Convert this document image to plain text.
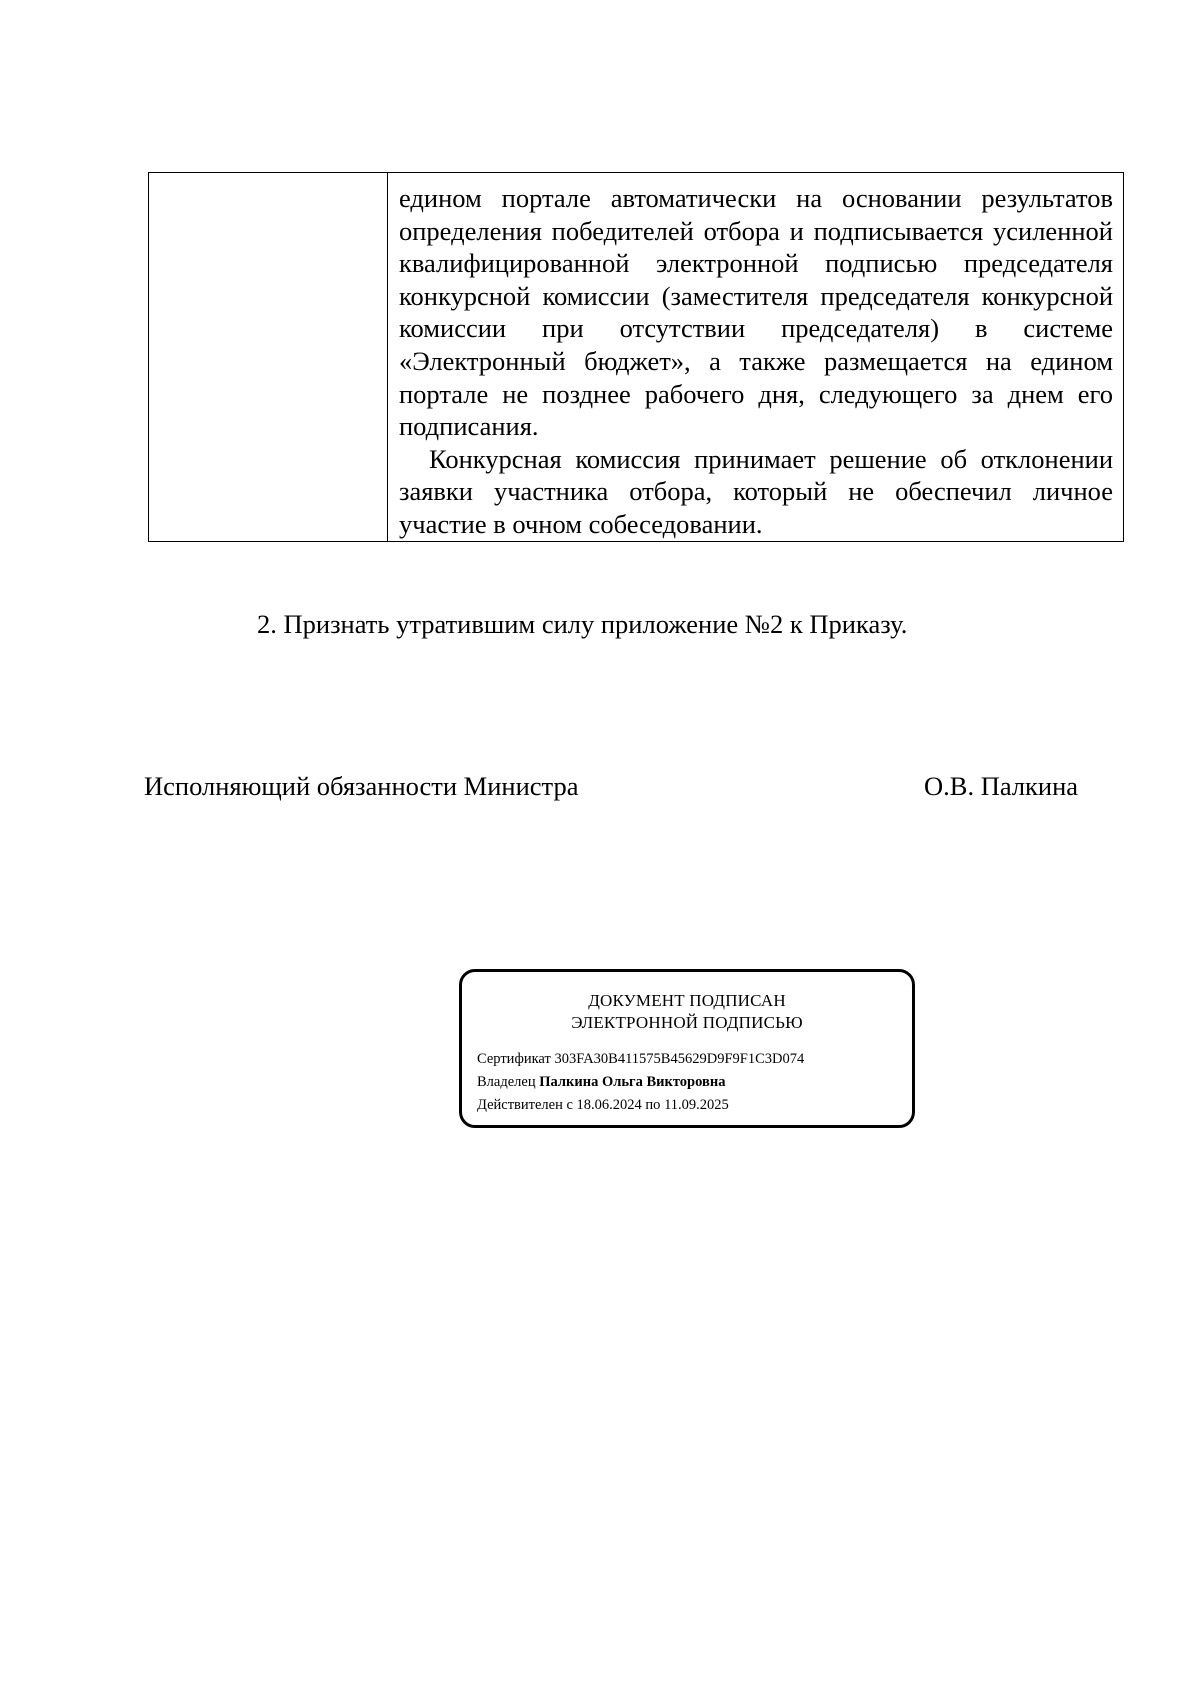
едином портале автоматически на основании результатов определения победителей отбора и подписывается усиленной квалифицированной электронной подписью председателя конкурсной комиссии (заместителя председателя конкурсной комиссии при отсутствии председателя) в системе «Электронный бюджет», а также размещается на едином портале не позднее рабочего дня, следующего за днем его подписания.

Конкурсная комиссия принимает решение об отклонении заявки участника отбора, который не обеспечил личное участие в очном собеседовании.

2. Признать утратившим силу приложение №2 к Приказу.

Исполняющий обязанности Министра	О.В. Палкина

ДОКУМЕНТ ПОДПИСАН

ЭЛЕКТРОННОЙ ПОДПИСЬЮ

Сертификат 303FA30B411575B45629D9F9F1C3D074

Владелец Палкина Ольга Викторовна

Действителен с 18.06.2024 по 11.09.2025
